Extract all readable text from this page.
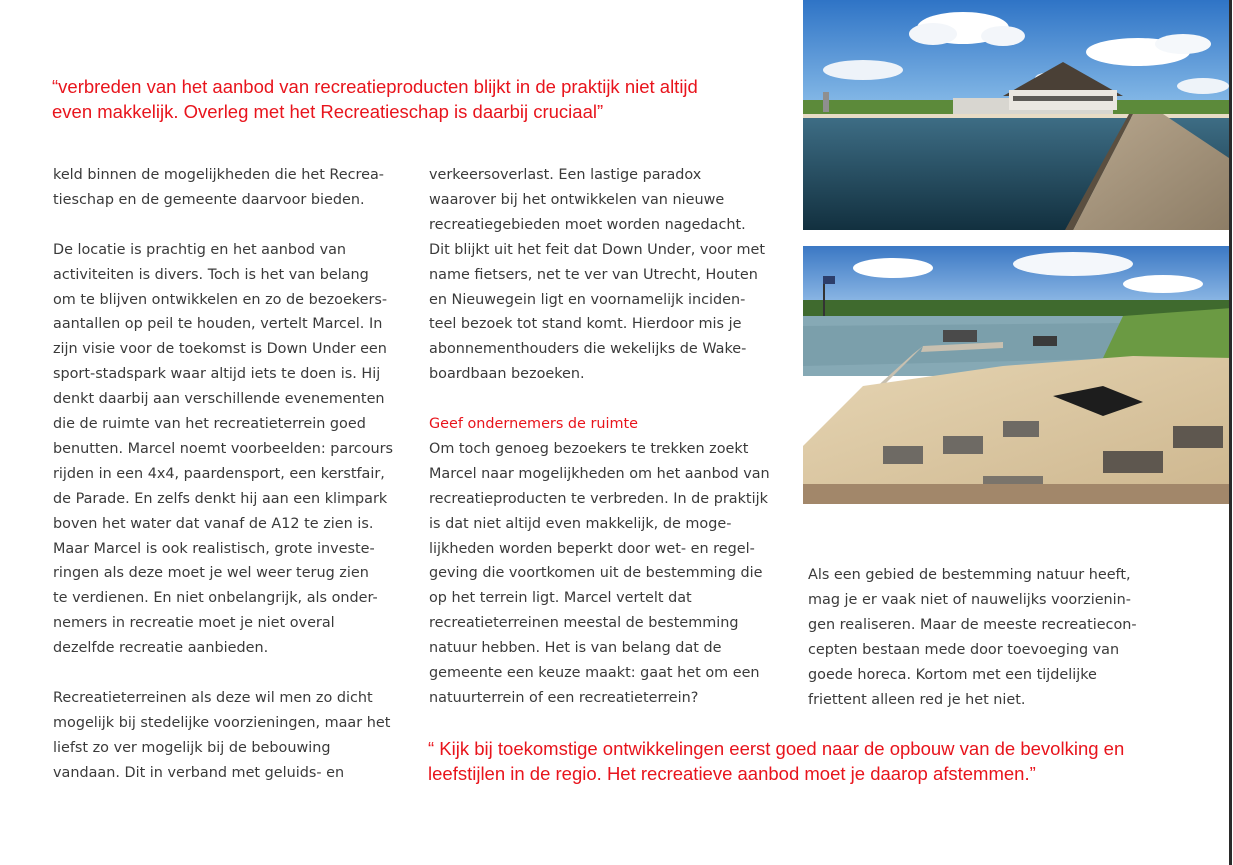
“verbreden van het aanbod van recreatieproducten blijkt in de praktijk niet altijd
even makkelijk. Overleg met het Recreatieschap is daarbij cruciaal”

keld binnen de mogelijkheden die het Recrea-
tieschap en de gemeente daarvoor bieden.

De locatie is prachtig en het aanbod van
activiteiten is divers. Toch is het van belang
om te blijven ontwikkelen en zo de bezoekers-
aantallen op peil te houden, vertelt Marcel. In
zijn visie voor de toekomst is Down Under een
sport-stadspark waar altijd iets te doen is. Hij
denkt daarbij aan verschillende evenementen
die de ruimte van het recreatieterrein goed
benutten. Marcel noemt voorbeelden: parcours
rijden in een 4x4, paardensport, een kerstfair,
de Parade. En zelfs denkt hij aan een klimpark
boven het water dat vanaf de A12 te zien is.
Maar Marcel is ook realistisch, grote investe-
ringen als deze moet je wel weer terug zien
te verdienen. En niet onbelangrijk, als onder-
nemers in recreatie moet je niet overal
dezelfde recreatie aanbieden.

Recreatieterreinen als deze wil men zo dicht
mogelijk bij stedelijke voorzieningen, maar het
liefst zo ver mogelijk bij de bebouwing
vandaan. Dit in verband met geluids- en

verkeersoverlast. Een lastige paradox
waarover bij het ontwikkelen van nieuwe
recreatiegebieden moet worden nagedacht.
Dit blijkt uit het feit dat Down Under, voor met
name fietsers, net te ver van Utrecht, Houten
en Nieuwegein ligt en voornamelijk inciden-
teel bezoek tot stand komt. Hierdoor mis je
abonnementhouders die wekelijks de Wake-
boardbaan bezoeken.

Geef ondernemers de ruimte

Om toch genoeg bezoekers te trekken zoekt
Marcel naar mogelijkheden om het aanbod van
recreatieproducten te verbreden. In de praktijk
is dat niet altijd even makkelijk, de moge-
lijkheden worden beperkt door wet- en regel-
geving die voortkomen uit de bestemming die
op het terrein ligt. Marcel vertelt dat
recreatieterreinen meestal de bestemming
natuur hebben. Het is van belang dat de
gemeente een keuze maakt: gaat het om een
natuurterrein of een recreatieterrein?

Als een gebied de bestemming natuur heeft,
mag je er vaak niet of nauwelijks voorzienin-
gen realiseren. Maar de meeste recreatiecon-
cepten bestaan mede door toevoeging van
goede horeca. Kortom met een tijdelijke
friettent alleen red je het niet.

“ Kijk bij toekomstige ontwikkelingen eerst goed naar de opbouw van de bevolking en
leefstijlen in de regio. Het recreatieve aanbod moet je daarop afstemmen.”
